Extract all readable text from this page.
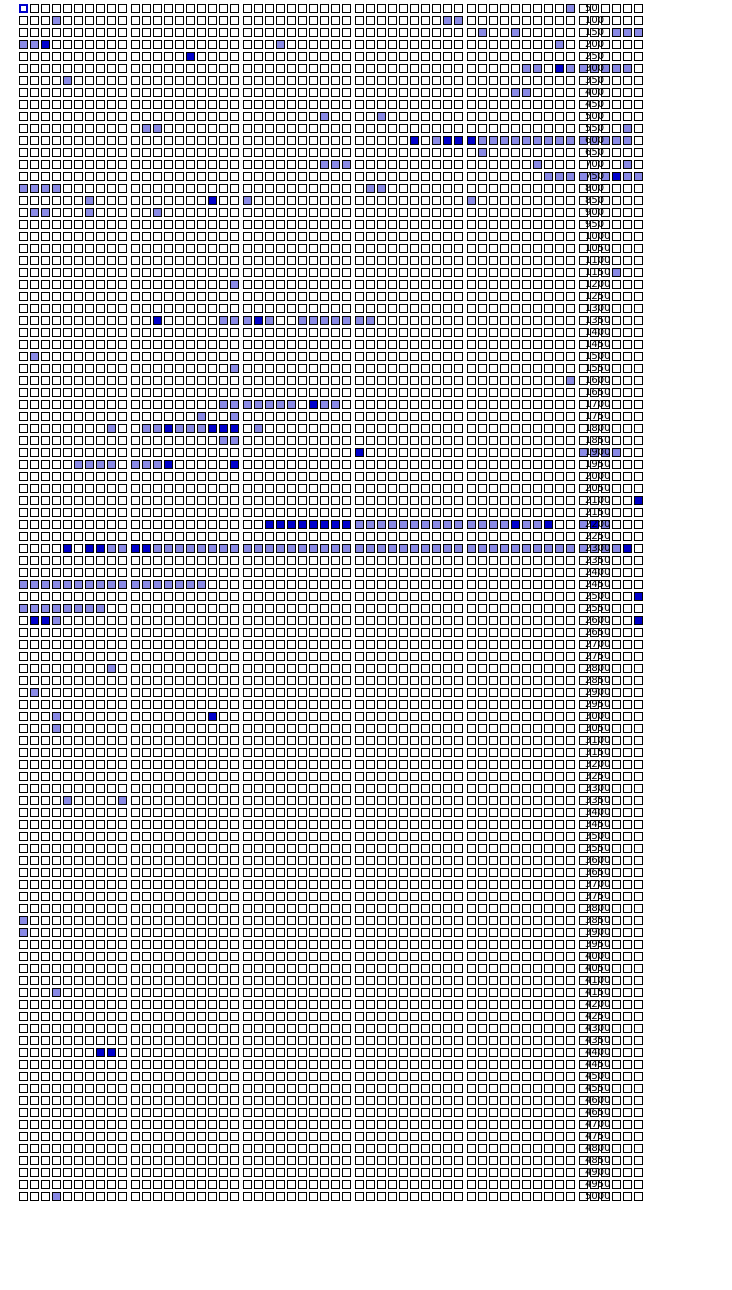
50
100
150
200
250
300
350
400
450
500
550
600
650
700
750
800
850
900
950
1000
1050
1100
1150
1200
1250
1300
1350
1400
1450
1500
1550
1600
1650
1700
1750
1800
1850
1900
1950
2000
2050
2100
2150
2200
2250
2300
2350
2400
2450
2500
2550
2600
2650
2700
2750
2800
2850
2900
2950
3000
3050
3100
3150
3200
3250
3300
3350
3400
3450
3500
3550
3600
3650
3700
3750
3800
3850
3900
3950
4000
4050
4100
4150
4200
4250
4300
4350
4400
4450
4500
4550
4600
4650
4700
4750
4800
4850
4900
4950
5000
